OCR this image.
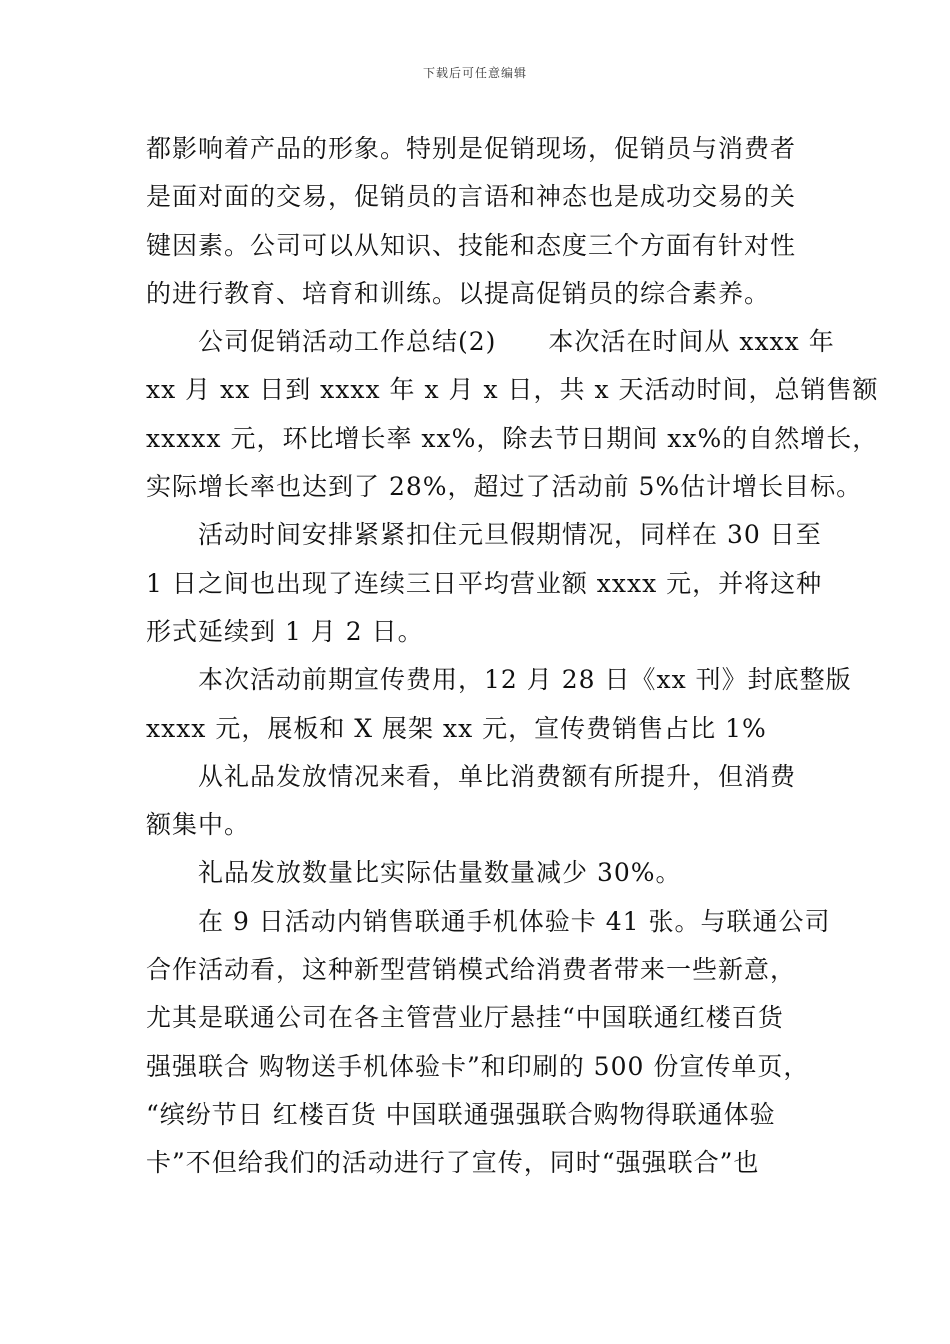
下载后可任意编辑
都影响着产品的形象。特别是促销现场，促销员与消费者
是面对面的交易，促销员的言语和神态也是成功交易的关
键因素。公司可以从知识、技能和态度三个方面有针对性
的进行教育、培育和训练。以提高促销员的综合素养。
公司促销活动工作总结(2)　　本次活在时间从 xxxx 年
xx 月 xx 日到 xxxx 年 x 月 x 日，共 x 天活动时间，总销售额
xxxxx 元，环比增长率 xx%，除去节日期间 xx%的自然增长，
实际增长率也达到了 28%，超过了活动前 5%估计增长目标。
活动时间安排紧紧扣住元旦假期情况，同样在 30 日至
1 日之间也出现了连续三日平均营业额 xxxx 元，并将这种
形式延续到 1 月 2 日。
本次活动前期宣传费用，12 月 28 日《xx 刊》封底整版
xxxx 元，展板和 X 展架 xx 元，宣传费销售占比 1%
从礼品发放情况来看，单比消费额有所提升，但消费
额集中。
礼品发放数量比实际估量数量减少 30%。
在 9 日活动内销售联通手机体验卡 41 张。与联通公司
合作活动看，这种新型营销模式给消费者带来一些新意，
尤其是联通公司在各主管营业厅悬挂“中国联通红楼百货
强强联合 购物送手机体验卡”和印刷的 500 份宣传单页，
“缤纷节日 红楼百货 中国联通强强联合购物得联通体验
卡”不但给我们的活动进行了宣传，同时“强强联合”也
